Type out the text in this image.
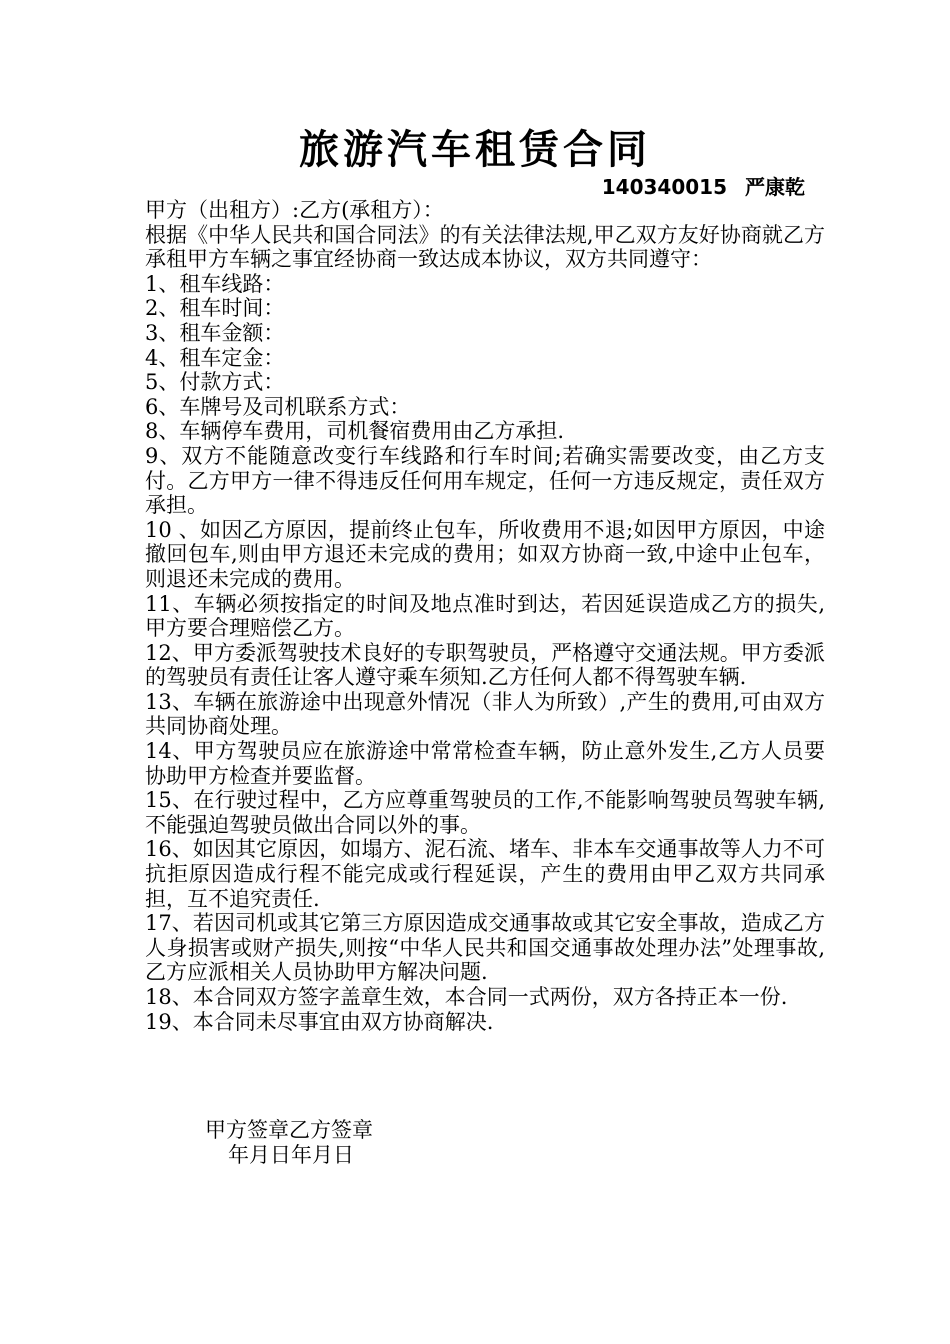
旅游汽车租赁合同
140340015 严康乾

甲方（出租方）:乙方(承租方）：

根据《中华人民共和国合同法》的有关法律法规,甲乙双方友好协商就乙方承租甲方车辆之事宜经协商一致达成本协议，双方共同遵守：

1、租车线路：

2、租车时间：

3、租车金额：

4、租车定金：

5、付款方式：

6、车牌号及司机联系方式：

8、车辆停车费用，司机餐宿费用由乙方承担.

9、双方不能随意改变行车线路和行车时间;若确实需要改变，由乙方支付。乙方甲方一律不得违反任何用车规定，任何一方违反规定，责任双方承担。

10 、如因乙方原因，提前终止包车，所收费用不退;如因甲方原因，中途撤回包车,则由甲方退还未完成的费用；如双方协商一致,中途中止包车，则退还未完成的费用。

11、车辆必须按指定的时间及地点准时到达，若因延误造成乙方的损失,甲方要合理赔偿乙方。

12、甲方委派驾驶技术良好的专职驾驶员，严格遵守交通法规。甲方委派的驾驶员有责任让客人遵守乘车须知.乙方任何人都不得驾驶车辆.

13、车辆在旅游途中出现意外情况（非人为所致）,产生的费用,可由双方共同协商处理。

14、甲方驾驶员应在旅游途中常常检查车辆，防止意外发生,乙方人员要协助甲方检查并要监督。

15、在行驶过程中，乙方应尊重驾驶员的工作,不能影响驾驶员驾驶车辆,不能强迫驾驶员做出合同以外的事。

16、如因其它原因，如塌方、泥石流、堵车、非本车交通事故等人力不可抗拒原因造成行程不能完成或行程延误，产生的费用由甲乙双方共同承担，互不追究责任.

17、若因司机或其它第三方原因造成交通事故或其它安全事故，造成乙方人身损害或财产损失,则按“中华人民共和国交通事故处理办法”处理事故,乙方应派相关人员协助甲方解决问题.

18、本合同双方签字盖章生效，本合同一式两份，双方各持正本一份.

19、本合同未尽事宜由双方协商解决.

甲方签章乙方签章
年月日年月日
